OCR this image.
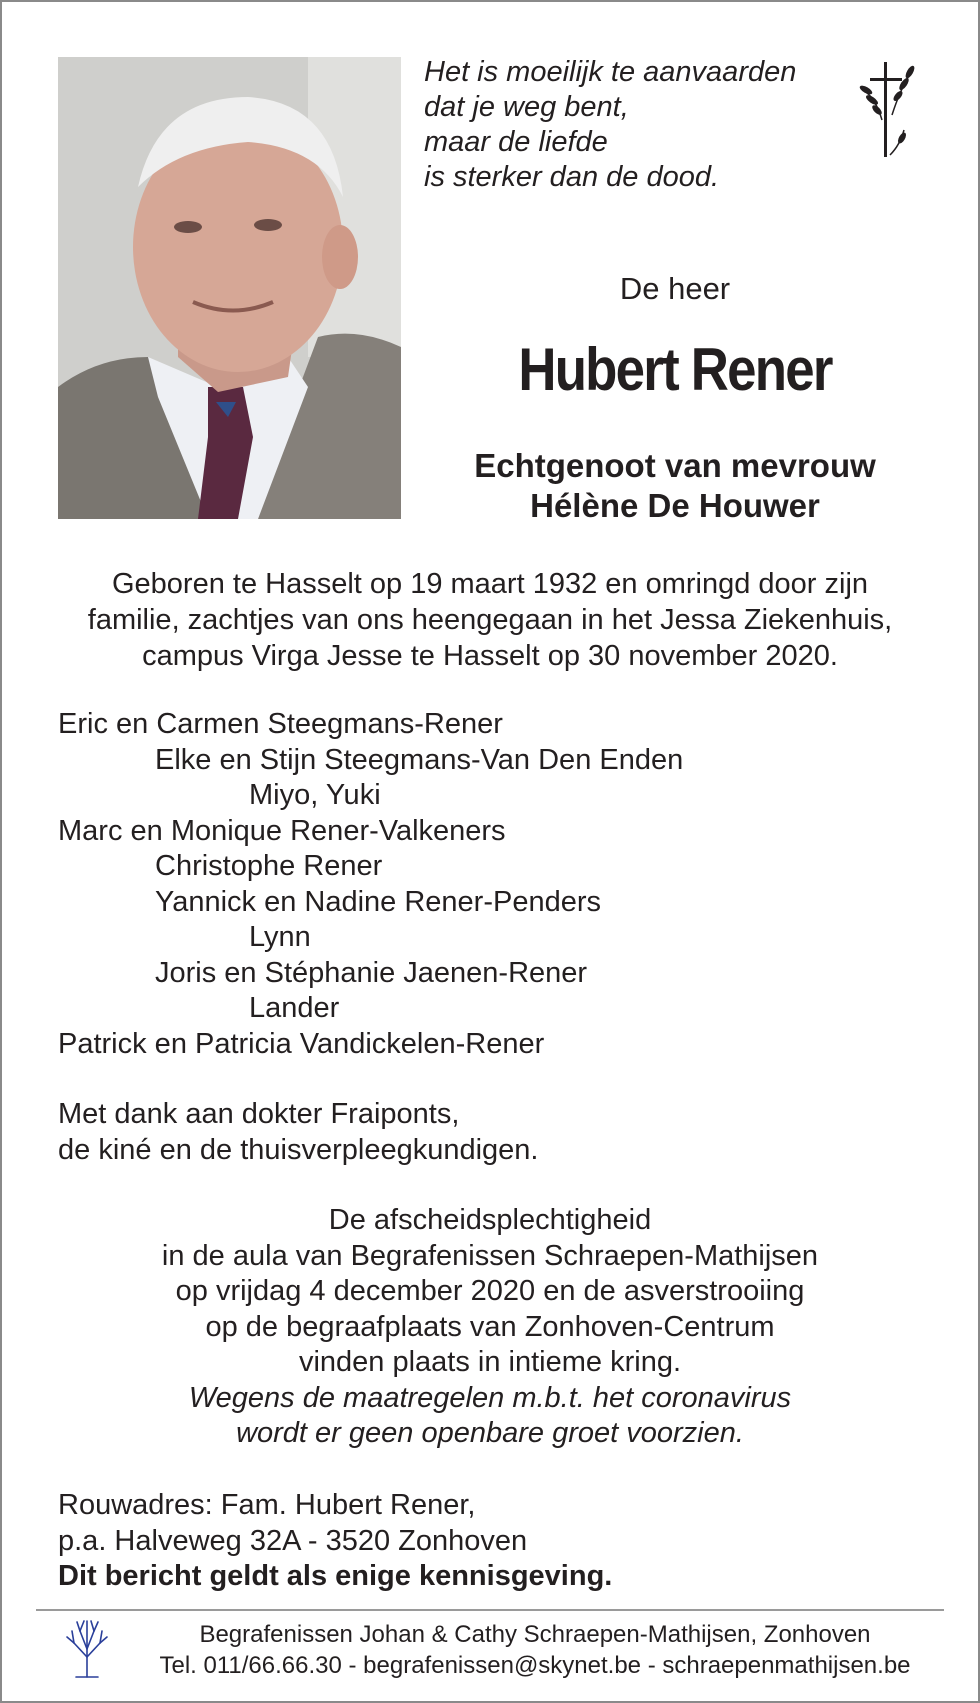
Het is moeilijk te aanvaarden
dat je weg bent,
maar de liefde
is sterker dan de dood.
De heer
Hubert Rener
Echtgenoot van mevrouw
Hélène De Houwer
Geboren te Hasselt op 19 maart 1932 en omringd door zijn
familie, zachtjes van ons heengegaan in het Jessa Ziekenhuis,
campus Virga Jesse te Hasselt op 30 november 2020.
Eric en Carmen Steegmans-Rener
Elke en Stijn Steegmans-Van Den Enden
Miyo, Yuki
Marc en Monique Rener-Valkeners
Christophe Rener
Yannick en Nadine Rener-Penders
Lynn
Joris en Stéphanie Jaenen-Rener
Lander
Patrick en Patricia Vandickelen-Rener
Met dank aan dokter Fraiponts,
de kiné en de thuisverpleegkundigen.
De afscheidsplechtigheid
in de aula van Begrafenissen Schraepen-Mathijsen
op vrijdag 4 december 2020 en de asverstrooiing
op de begraafplaats van Zonhoven-Centrum
vinden plaats in intieme kring.
Wegens de maatregelen m.b.t. het coronavirus
wordt er geen openbare groet voorzien.
Rouwadres: Fam. Hubert Rener,
p.a. Halveweg 32A - 3520 Zonhoven
Dit bericht geldt als enige kennisgeving.
Begrafenissen Johan & Cathy Schraepen-Mathijsen, Zonhoven
Tel. 011/66.66.30 - begrafenissen@skynet.be - schraepenmathijsen.be
